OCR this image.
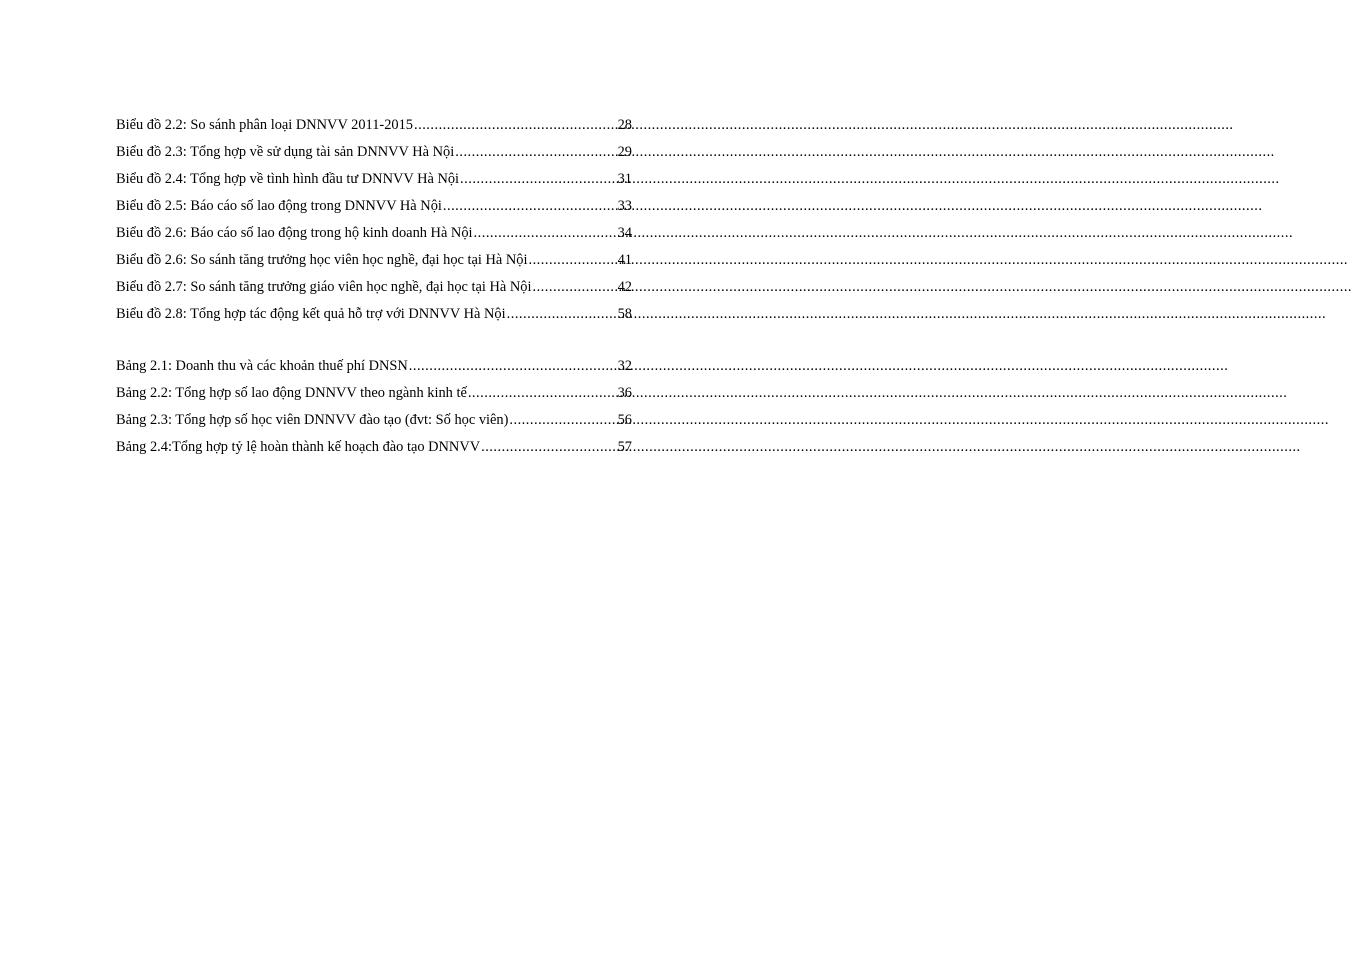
Biểu đồ 2.2: So sánh phân loại DNNVV 2011-2015 .....	28
Biểu đồ 2.3: Tổng hợp về sử dụng tài sản DNNVV Hà Nội .....	29
Biểu đồ 2.4: Tổng hợp về tình hình đầu tư DNNVV Hà Nội .....	31
Biểu đồ 2.5: Báo cáo số lao động trong DNNVV Hà Nội .....	33
Biểu đồ 2.6: Báo cáo số lao động trong hộ kinh doanh Hà Nội .....	34
Biểu đồ 2.6: So sánh tăng trưởng học viên học nghề, đại học tại Hà Nội .....	41
Biểu đồ 2.7: So sánh tăng trưởng giáo viên học nghề, đại học tại Hà Nội .....	42
Biểu đồ 2.8: Tổng hợp tác động kết quả hỗ trợ với DNNVV Hà Nội .....	58
Bảng 2.1: Doanh thu và các khoản thuế phí DNSN .....	32
Bảng 2.2: Tổng hợp số lao động DNNVV theo ngành kinh tế .....	36
Bảng 2.3: Tổng hợp số học viên DNNVV đào tạo (đvt: Số học viên) .....	56
Bảng 2.4:Tổng hợp tỷ lệ hoàn thành kế hoạch đào tạo DNNVV .....	57
